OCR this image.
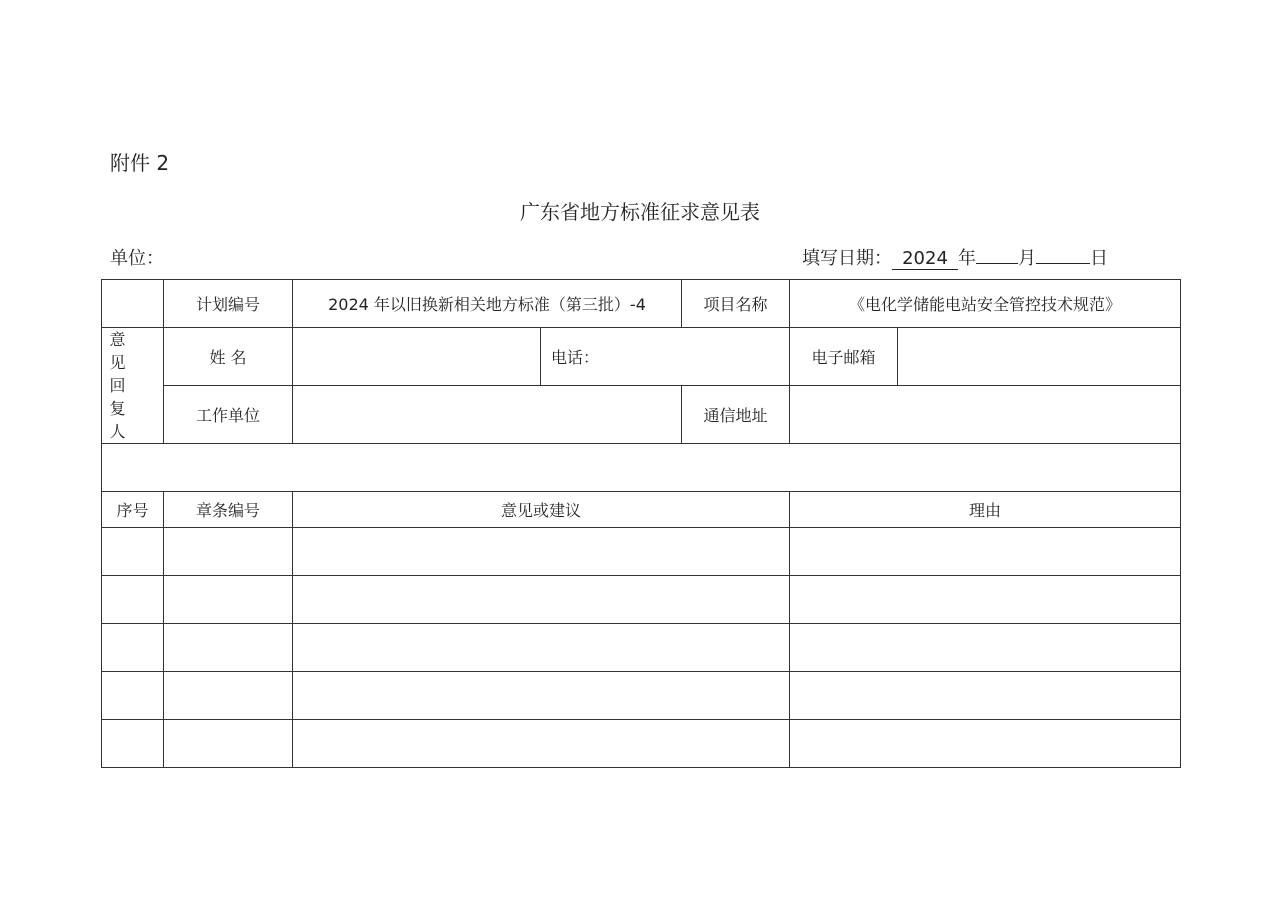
附件 2
广东省地方标准征求意见表
单位：	填写日期： 2024 年 月	日
	计划编号	2024 年以旧换新相关地方标准（第三批）-4		项目名称	《电化学储能电站安全管控技术规范》	
意 见 回 复 人	姓 名		电话：		电子邮箱	
	工作单位			通信地址		

序号	章条编号	意见或建议			理由	
